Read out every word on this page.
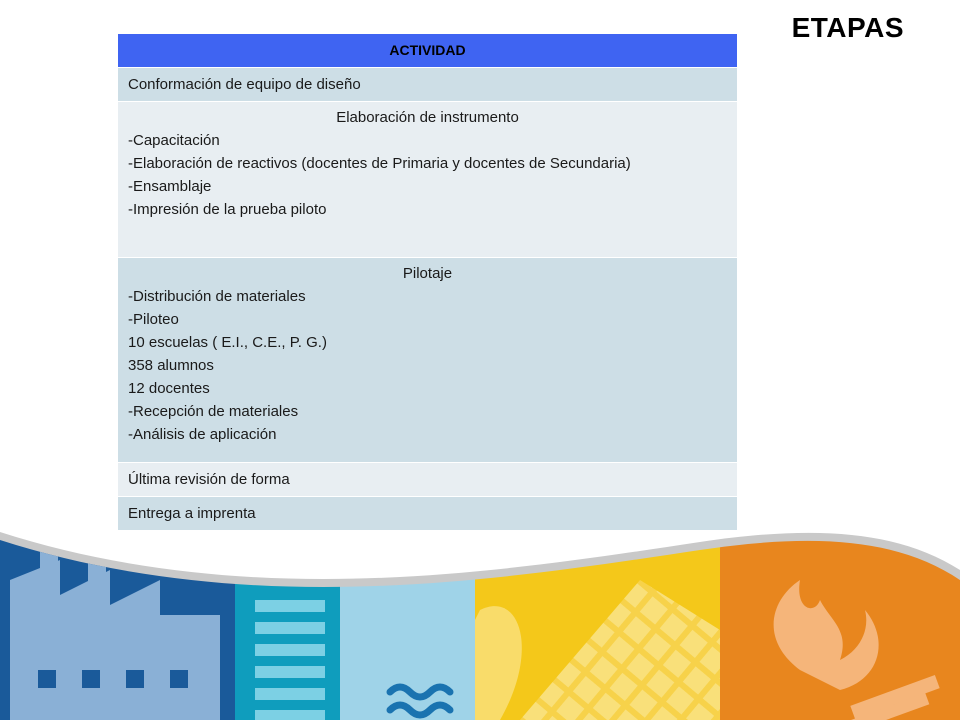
ETAPAS
ACTIVIDAD

Conformación de equipo de diseño

Elaboración de instrumento
-Capacitación
-Elaboración de reactivos (docentes de Primaria y docentes de Secundaria)
-Ensamblaje
-Impresión de la prueba piloto

Pilotaje
-Distribución de materiales
-Piloteo
10 escuelas ( E.I., C.E., P. G.)
358 alumnos
12 docentes
-Recepción de materiales
-Análisis de aplicación

Última revisión de forma

Entrega a imprenta
